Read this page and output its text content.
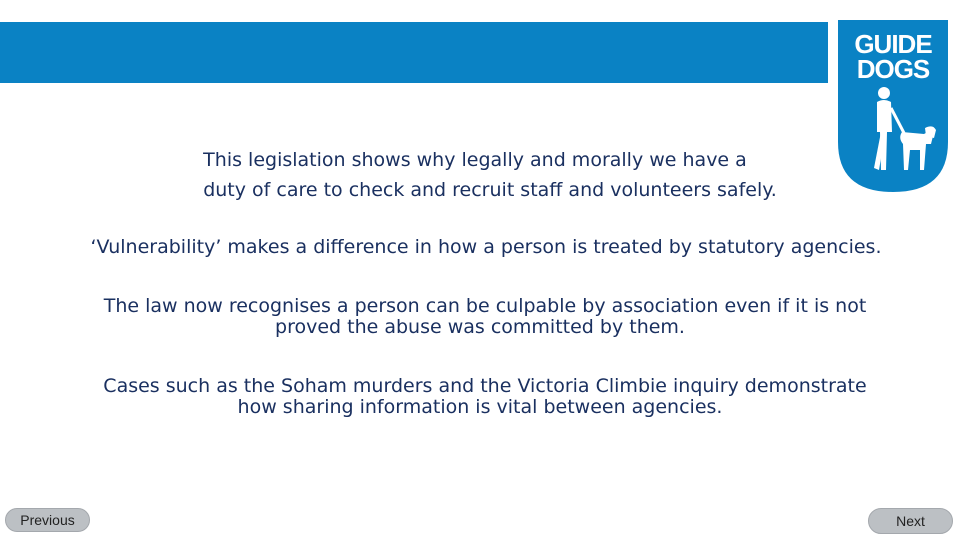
GUIDE
DOGS
This legislation shows why legally and morally we have a
duty of care to check and recruit staff and volunteers safely.
‘Vulnerability’ makes a difference in how a person is treated by statutory agencies.
The law now recognises a person can be culpable by association even if it is not
proved the abuse was committed by them.
Cases such as the Soham murders and the Victoria Climbie inquiry demonstrate
how sharing information is vital between agencies.
Previous	Next
